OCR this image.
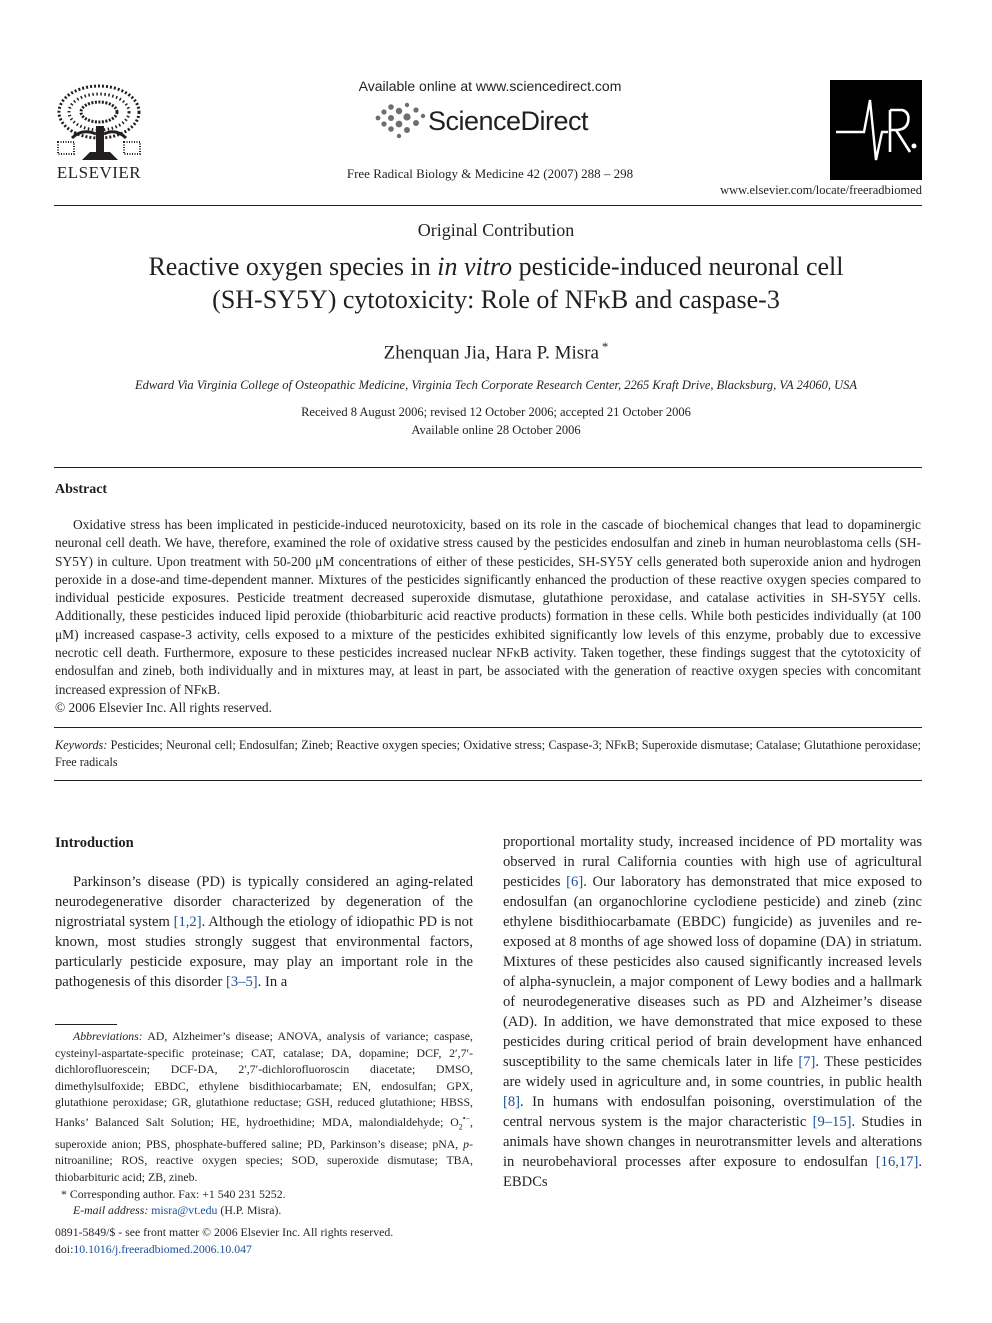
ELSEVIER
Available online at www.sciencedirect.com
ScienceDirect
Free Radical Biology & Medicine 42 (2007) 288 – 298
www.elsevier.com/locate/freeradbiomed
Original Contribution
Reactive oxygen species in in vitro pesticide-induced neuronal cell
(SH-SY5Y) cytotoxicity: Role of NFκB and caspase-3
Zhenquan Jia, Hara P. Misra *
Edward Via Virginia College of Osteopathic Medicine, Virginia Tech Corporate Research Center, 2265 Kraft Drive, Blacksburg, VA 24060, USA
Received 8 August 2006; revised 12 October 2006; accepted 21 October 2006
Available online 28 October 2006
Abstract
Oxidative stress has been implicated in pesticide-induced neurotoxicity, based on its role in the cascade of biochemical changes that lead to dopaminergic neuronal cell death. We have, therefore, examined the role of oxidative stress caused by the pesticides endosulfan and zineb in human neuroblastoma cells (SH-SY5Y) in culture. Upon treatment with 50-200 μM concentrations of either of these pesticides, SH-SY5Y cells generated both superoxide anion and hydrogen peroxide in a dose-and time-dependent manner. Mixtures of the pesticides significantly enhanced the production of these reactive oxygen species compared to individual pesticide exposures. Pesticide treatment decreased superoxide dismutase, glutathione peroxidase, and catalase activities in SH-SY5Y cells. Additionally, these pesticides induced lipid peroxide (thiobarbituric acid reactive products) formation in these cells. While both pesticides individually (at 100 μM) increased caspase-3 activity, cells exposed to a mixture of the pesticides exhibited significantly low levels of this enzyme, probably due to excessive necrotic cell death. Furthermore, exposure to these pesticides increased nuclear NFκB activity. Taken together, these findings suggest that the cytotoxicity of endosulfan and zineb, both individually and in mixtures may, at least in part, be associated with the generation of reactive oxygen species with concomitant increased expression of NFκB.
© 2006 Elsevier Inc. All rights reserved.
Keywords: Pesticides; Neuronal cell; Endosulfan; Zineb; Reactive oxygen species; Oxidative stress; Caspase-3; NFκB; Superoxide dismutase; Catalase; Glutathione peroxidase; Free radicals
Introduction
Parkinson’s disease (PD) is typically considered an aging-related neurodegenerative disorder characterized by degeneration of the nigrostriatal system [1,2]. Although the etiology of idiopathic PD is not known, most studies strongly suggest that environmental factors, particularly pesticide exposure, may play an important role in the pathogenesis of this disorder [3–5]. In a
Abbreviations: AD, Alzheimer’s disease; ANOVA, analysis of variance; caspase, cysteinyl-aspartate-specific proteinase; CAT, catalase; DA, dopamine; DCF, 2′,7′-dichlorofluorescein; DCF-DA, 2′,7′-dichlorofluoroscin diacetate; DMSO, dimethylsulfoxide; EBDC, ethylene bisdithiocarbamate; EN, endosulfan; GPX, glutathione peroxidase; GR, glutathione reductase; GSH, reduced glutathione; HBSS, Hanks’ Balanced Salt Solution; HE, hydroethidine; MDA, malondialdehyde; $O_2^{•-}$, superoxide anion; PBS, phosphate-buffered saline; PD, Parkinson’s disease; pNA, p-nitroaniline; ROS, reactive oxygen species; SOD, superoxide dismutase; TBA, thiobarbituric acid; ZB, zineb.
* Corresponding author. Fax: +1 540 231 5252.
E-mail address: misra@vt.edu (H.P. Misra).
0891-5849/$ - see front matter © 2006 Elsevier Inc. All rights reserved.
doi:10.1016/j.freeradbiomed.2006.10.047
proportional mortality study, increased incidence of PD mortality was observed in rural California counties with high use of agricultural pesticides [6]. Our laboratory has demonstrated that mice exposed to endosulfan (an organochlorine cyclodiene pesticide) and zineb (zinc ethylene bisdithiocarbamate (EBDC) fungicide) as juveniles and re-exposed at 8 months of age showed loss of dopamine (DA) in striatum. Mixtures of these pesticides also caused significantly increased levels of alpha-synuclein, a major component of Lewy bodies and a hallmark of neurodegenerative diseases such as PD and Alzheimer’s disease (AD). In addition, we have demonstrated that mice exposed to these pesticides during critical period of brain development have enhanced susceptibility to the same chemicals later in life [7]. These pesticides are widely used in agriculture and, in some countries, in public health [8]. In humans with endosulfan poisoning, overstimulation of the central nervous system is the major characteristic [9–15]. Studies in animals have shown changes in neurotransmitter levels and alterations in neurobehavioral processes after exposure to endosulfan [16,17]. EBDCs
